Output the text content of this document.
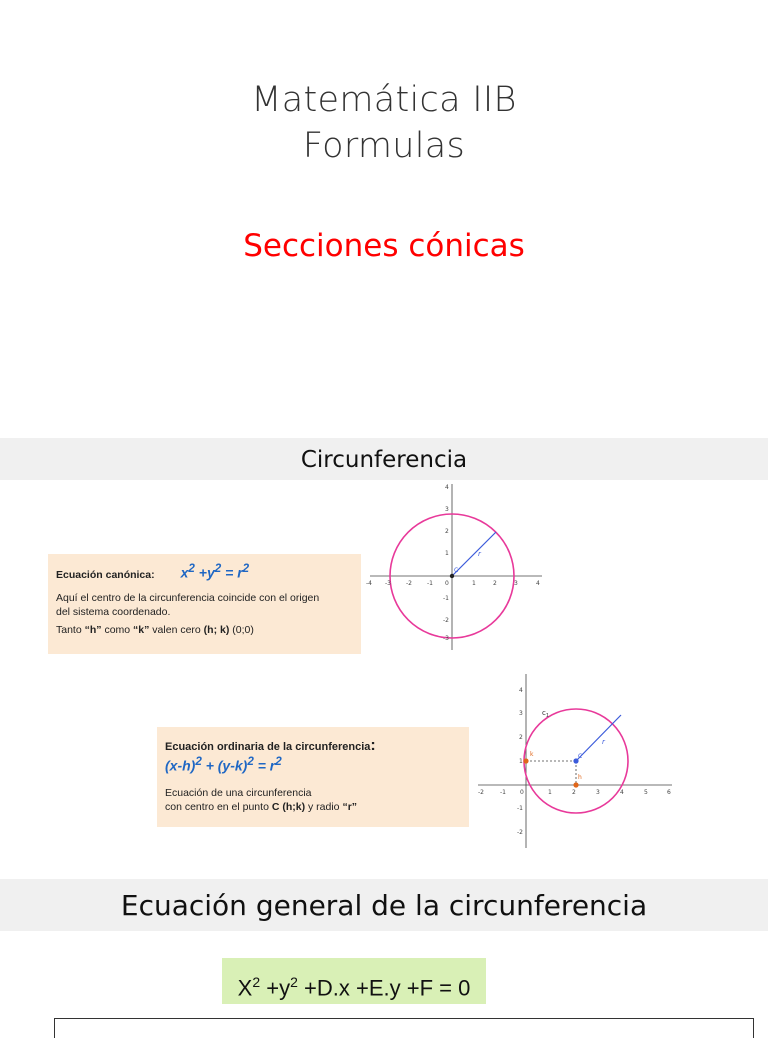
Matemática IIB
Formulas
Secciones cónicas
Circunferencia
Ecuación canónica: $x^2 +y^2 = r^2$
Aquí el centro de la circunferencia coincide con el origen
del sistema coordenado.
Tanto “h” como “k” valen cero (h; k) (0;0)
C
r
-4 -3	-2	-1 0	1	2	3	4
4
3
2
1
-1
-2
-3
Ecuación ordinaria de la circunferencia:
$(x-h)^2 + (y-k)^2 = r^2$
Ecuación de una circunferencia
con centro en el punto C (h;k) y radio “r”
C
k
h
r
$c_1$
-2	-1 0	1	2	3	4	5	6
4
3
2
1
-1
-2
Ecuación general de la circunferencia
$X^2 +y^2 +D.x +E.y +F = 0$
